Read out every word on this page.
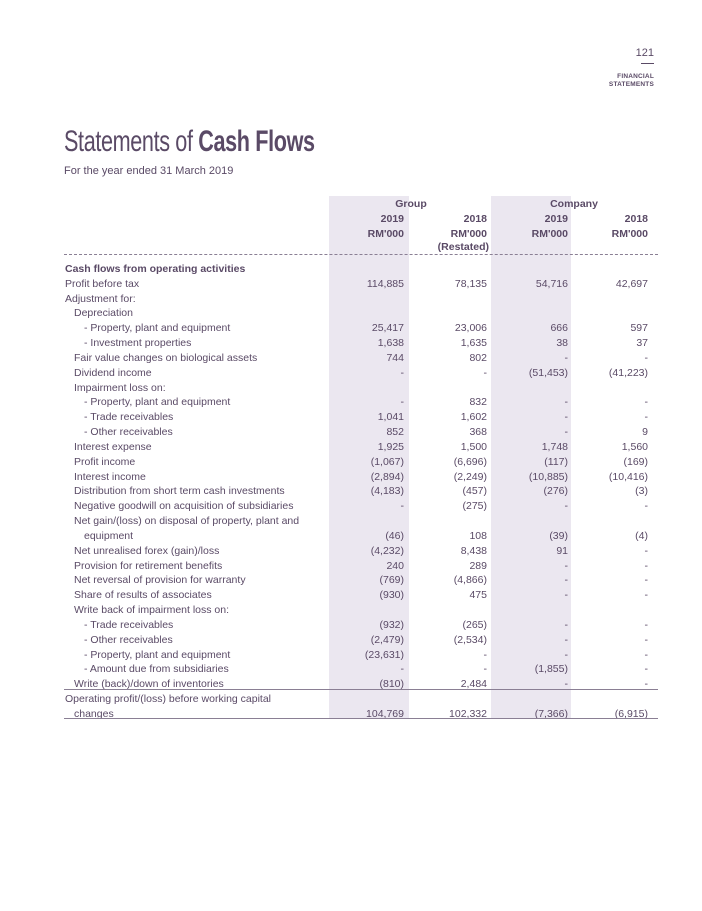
121
FINANCIAL
STATEMENTS
Statements of Cash Flows
For the year ended 31 March 2019
Group	Company
2019	2018	2019	2018
RM'000	RM'000	RM'000	RM'000
(Restated)
Cash flows from operating activities
Profit before tax	114,885	78,135	54,716	42,697
Adjustment for:
Depreciation
- Property, plant and equipment	25,417	23,006	666	597
- Investment properties	1,638	1,635	38	37
Fair value changes on biological assets	744	802	-	-
Dividend income	-	-	(51,453)	(41,223)
Impairment loss on:
- Property, plant and equipment	-	832	-	-
- Trade receivables	1,041	1,602	-	-
- Other receivables	852	368	-	9
Interest expense	1,925	1,500	1,748	1,560
Profit income	(1,067)	(6,696)	(117)	(169)
Interest income	(2,894)	(2,249)	(10,885)	(10,416)
Distribution from short term cash investments	(4,183)	(457)	(276)	(3)
Negative goodwill on acquisition of subsidiaries	-	(275)	-	-
Net gain/(loss) on disposal of property, plant and
equipment	(46)	108	(39)	(4)
Net unrealised forex (gain)/loss	(4,232)	8,438	91	-
Provision for retirement benefits	240	289	-	-
Net reversal of provision for warranty	(769)	(4,866)	-	-
Share of results of associates	(930)	475	-	-
Write back of impairment loss on:
- Trade receivables	(932)	(265)	-	-
- Other receivables	(2,479)	(2,534)	-	-
- Property, plant and equipment	(23,631)	-	-	-
- Amount due from subsidiaries	-	-	(1,855)	-
Write (back)/down of inventories	(810)	2,484	-	-
Operating profit/(loss) before working capital
changes	104,769	102,332	(7,366)	(6,915)
